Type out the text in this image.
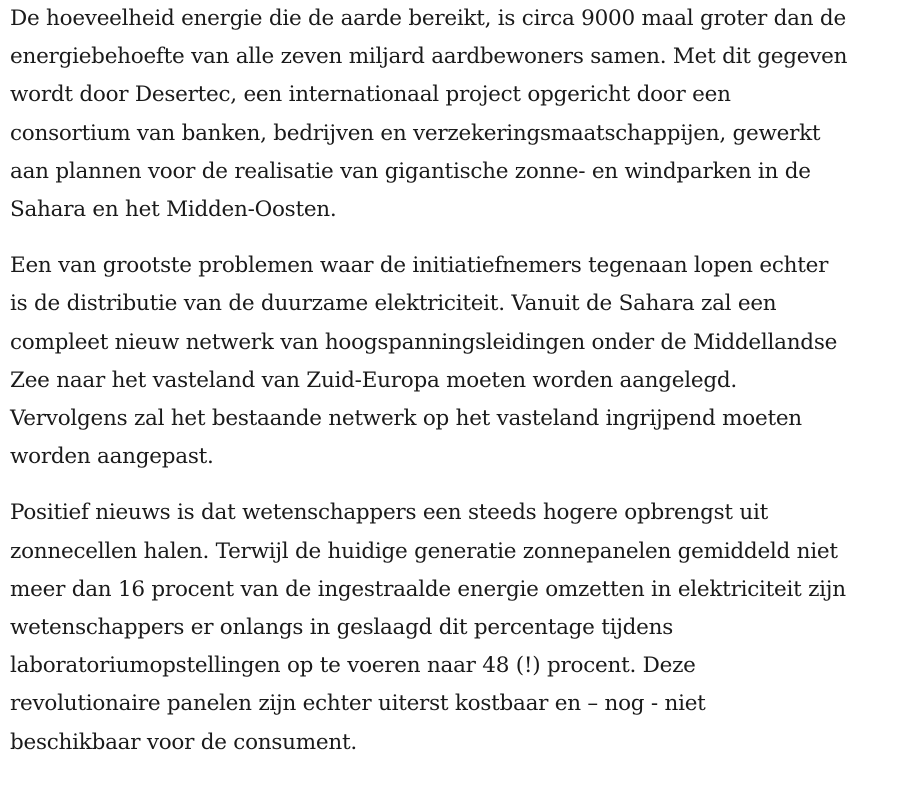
De hoeveelheid energie die de aarde bereikt, is circa 9000 maal groter dan de
energiebehoefte van alle zeven miljard aardbewoners samen. Met dit gegeven
wordt door Desertec, een internationaal project opgericht door een
consortium van banken, bedrijven en verzekeringsmaatschappijen, gewerkt
aan plannen voor de realisatie van gigantische zonne- en windparken in de
Sahara en het Midden-Oosten.

Een van grootste problemen waar de initiatiefnemers tegenaan lopen echter
is de distributie van de duurzame elektriciteit. Vanuit de Sahara zal een
compleet nieuw netwerk van hoogspanningsleidingen onder de Middellandse
Zee naar het vasteland van Zuid-Europa moeten worden aangelegd.
Vervolgens zal het bestaande netwerk op het vasteland ingrijpend moeten
worden aangepast.

Positief nieuws is dat wetenschappers een steeds hogere opbrengst uit
zonnecellen halen. Terwijl de huidige generatie zonnepanelen gemiddeld niet
meer dan 16 procent van de ingestraalde energie omzetten in elektriciteit zijn
wetenschappers er onlangs in geslaagd dit percentage tijdens
laboratoriumopstellingen op te voeren naar 48 (!) procent. Deze
revolutionaire panelen zijn echter uiterst kostbaar en – nog - niet
beschikbaar voor de consument.
